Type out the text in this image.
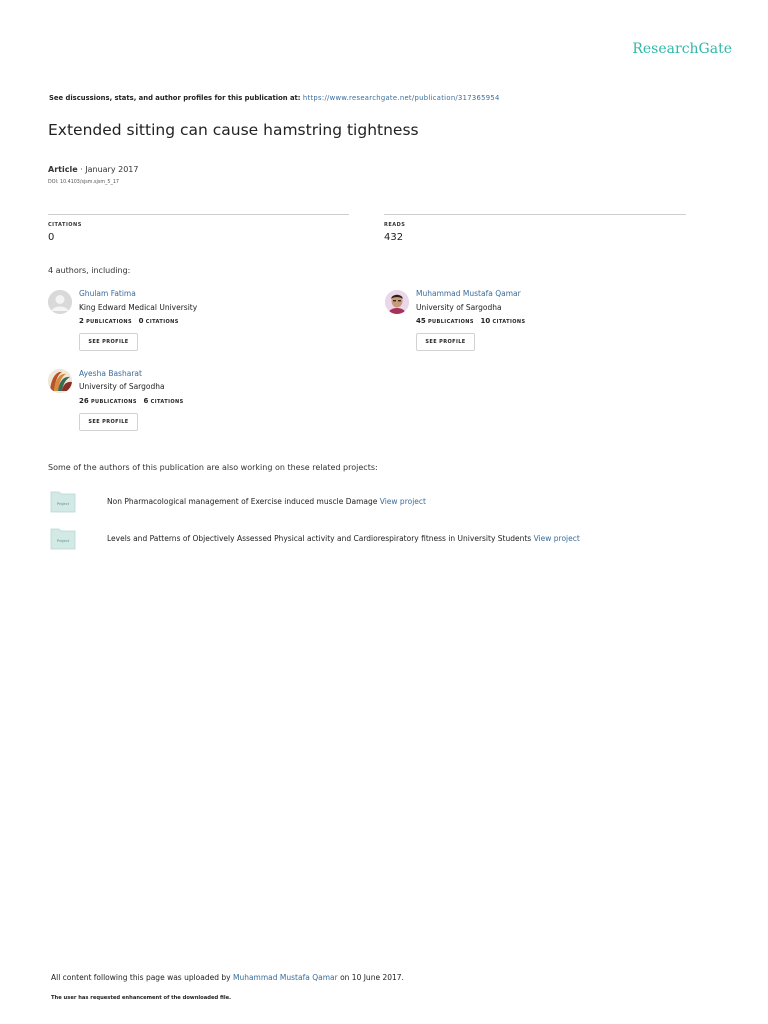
ResearchGate
See discussions, stats, and author profiles for this publication at: https://www.researchgate.net/publication/317365954
Extended sitting can cause hamstring tightness
Article · January 2017
DOI: 10.4103/sjsm.sjsm_5_17
CITATIONS
0
READS
432
4 authors, including:
Ghulam Fatima
King Edward Medical University
2 PUBLICATIONS 0 CITATIONS
SEE PROFILE
Muhammad Mustafa Qamar
University of Sargodha
45 PUBLICATIONS 10 CITATIONS
SEE PROFILE
Ayesha Basharat
University of Sargodha
26 PUBLICATIONS 6 CITATIONS
SEE PROFILE
Some of the authors of this publication are also working on these related projects:
Project	Non Pharmacological management of Exercise induced muscle Damage View project
Project	Levels and Patterns of Objectively Assessed Physical activity and Cardiorespiratory fitness in University Students View project
All content following this page was uploaded by Muhammad Mustafa Qamar on 10 June 2017.
The user has requested enhancement of the downloaded file.
